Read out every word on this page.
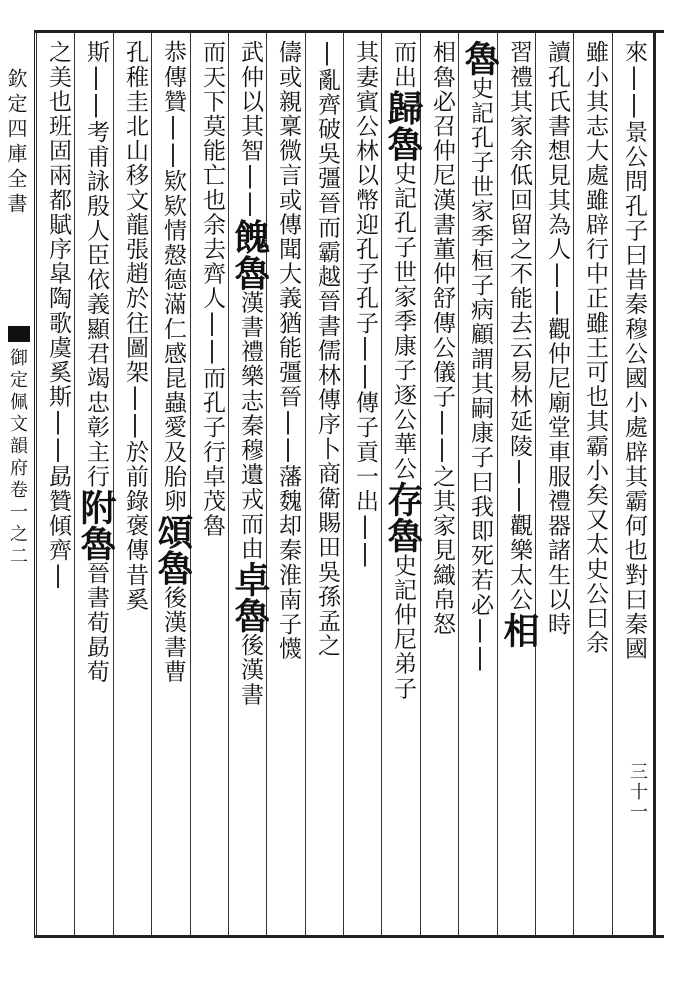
欽定四庫全書
御定佩文韻府卷一之二
三十一
來||景公問孔子曰昔秦穆公國小處辟其霸何也對曰秦國
雖小其志大處雖辟行中正雖王可也其霸小矣又太史公曰余
讀孔氏書想見其為人||觀仲尼廟堂車服禮器諸生以時
習禮其家余低回留之不能去云易林延陵||觀樂太公相
魯史記孔子世家季桓子病顧謂其嗣康子曰我即死若必||
相魯必召仲尼漢書董仲舒傳公儀子||之其家見織帛怒
而出歸魯史記孔子世家季康子逐公華公存魯史記仲尼弟子
其妻賓公林以幣迎孔子孔子||傳子貢一出||
|亂齊破吳彊晉而霸越晉書儒林傳序卜商衛賜田吳孫孟之
儔或親稟微言或傳聞大義猶能彊晉||藩魏却秦淮南子懱
武仲以其智||餽魯漢書禮樂志秦穆遺戎而由卓魯後漢書
而天下莫能亡也余去齊人||而孔子行卓茂魯
恭傳贊||欵欵情慤德滿仁感昆蟲愛及胎卵頌魯後漢書曹
孔稚圭北山移文龍張趙於往圖架||於前錄褒傳昔奚
斯||考甫詠殷人臣依義顯君竭忠彰主行附魯晉書荀勗荀
之美也班固兩都賦序皐陶歌虞奚斯||勗贊傾齊|
